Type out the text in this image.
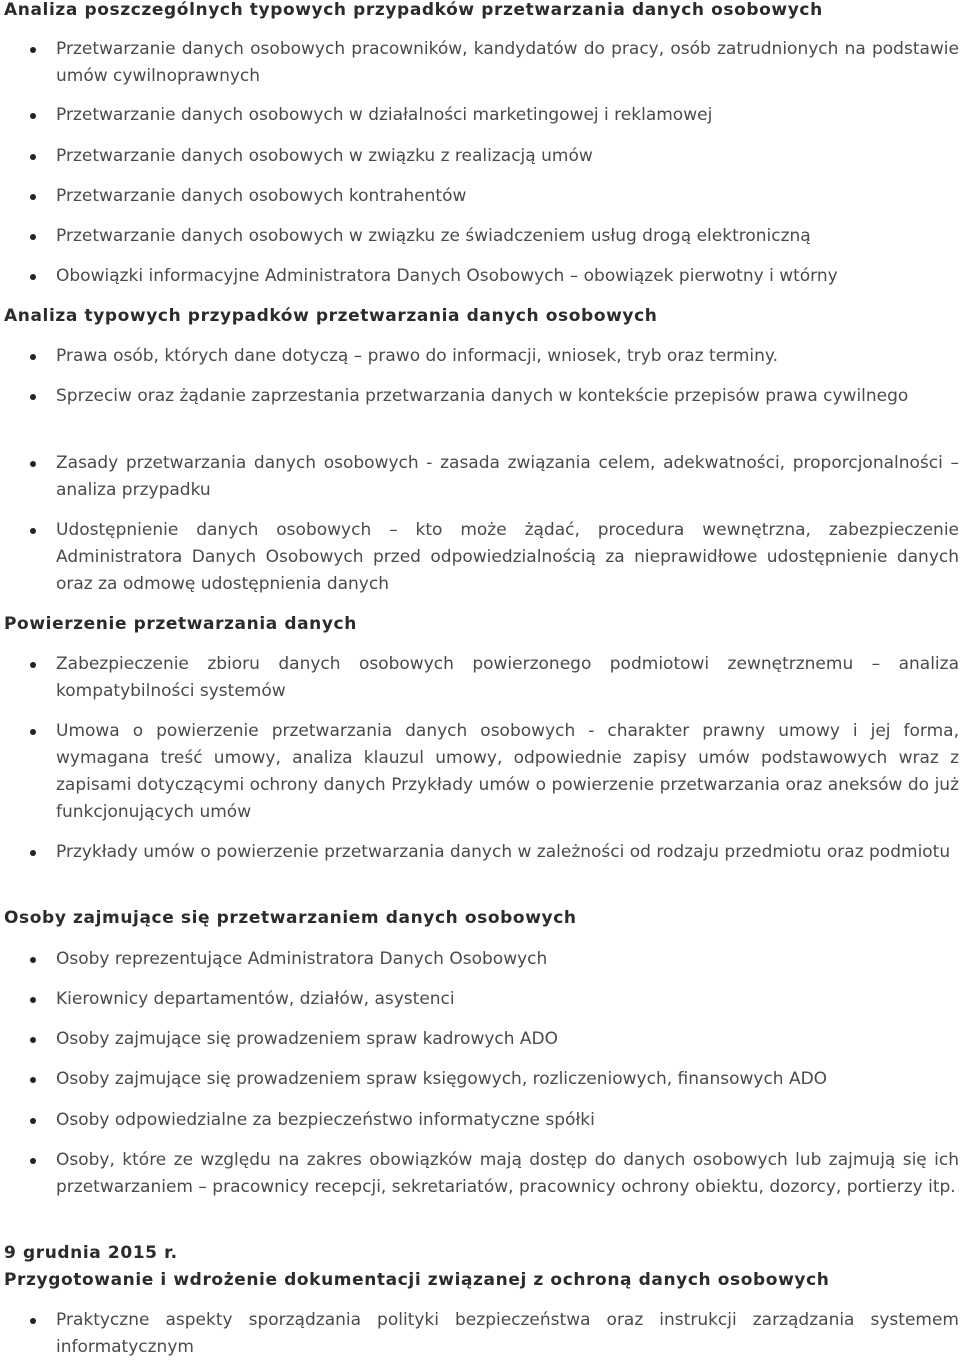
Analiza poszczególnych typowych przypadków przetwarzania danych osobowych
Przetwarzanie danych osobowych pracowników, kandydatów do pracy, osób zatrudnionych na podstawie umów cywilnoprawnych
Przetwarzanie danych osobowych w działalności marketingowej i reklamowej
Przetwarzanie danych osobowych w związku z realizacją umów
Przetwarzanie danych osobowych kontrahentów
Przetwarzanie danych osobowych w związku ze świadczeniem usług drogą elektroniczną
Obowiązki informacyjne Administratora Danych Osobowych – obowiązek pierwotny i wtórny
Analiza typowych przypadków przetwarzania danych osobowych
Prawa osób, których dane dotyczą – prawo do informacji, wniosek, tryb oraz terminy.
Sprzeciw oraz żądanie zaprzestania przetwarzania danych w kontekście przepisów prawa cywilnego
Zasady przetwarzania danych osobowych - zasada związania celem, adekwatności, proporcjonalności – analiza przypadku
Udostępnienie danych osobowych – kto może żądać, procedura wewnętrzna, zabezpieczenie Administratora Danych Osobowych przed odpowiedzialnością za nieprawidłowe udostępnienie danych oraz za odmowę udostępnienia danych
Powierzenie przetwarzania danych
Zabezpieczenie zbioru danych osobowych powierzonego podmiotowi zewnętrznemu – analiza kompatybilności systemów
Umowa o powierzenie przetwarzania danych osobowych - charakter prawny umowy i jej forma, wymagana treść umowy, analiza klauzul umowy, odpowiednie zapisy umów podstawowych wraz z zapisami dotyczącymi ochrony danych Przykłady umów o powierzenie przetwarzania oraz aneksów do już funkcjonujących umów
Przykłady umów o powierzenie przetwarzania danych w zależności od rodzaju przedmiotu oraz podmiotu
Osoby zajmujące się przetwarzaniem danych osobowych
Osoby reprezentujące Administratora Danych Osobowych
Kierownicy departamentów, działów, asystenci
Osoby zajmujące się prowadzeniem spraw kadrowych ADO
Osoby zajmujące się prowadzeniem spraw księgowych, rozliczeniowych, finansowych ADO
Osoby odpowiedzialne za bezpieczeństwo informatyczne spółki
Osoby, które ze względu na zakres obowiązków mają dostęp do danych osobowych lub zajmują się ich przetwarzaniem – pracownicy recepcji, sekretariatów, pracownicy ochrony obiektu, dozorcy, portierzy itp.
9 grudnia 2015 r.
Przygotowanie i wdrożenie dokumentacji związanej z ochroną danych osobowych
Praktyczne aspekty sporządzania polityki bezpieczeństwa oraz instrukcji zarządzania systemem informatycznym
